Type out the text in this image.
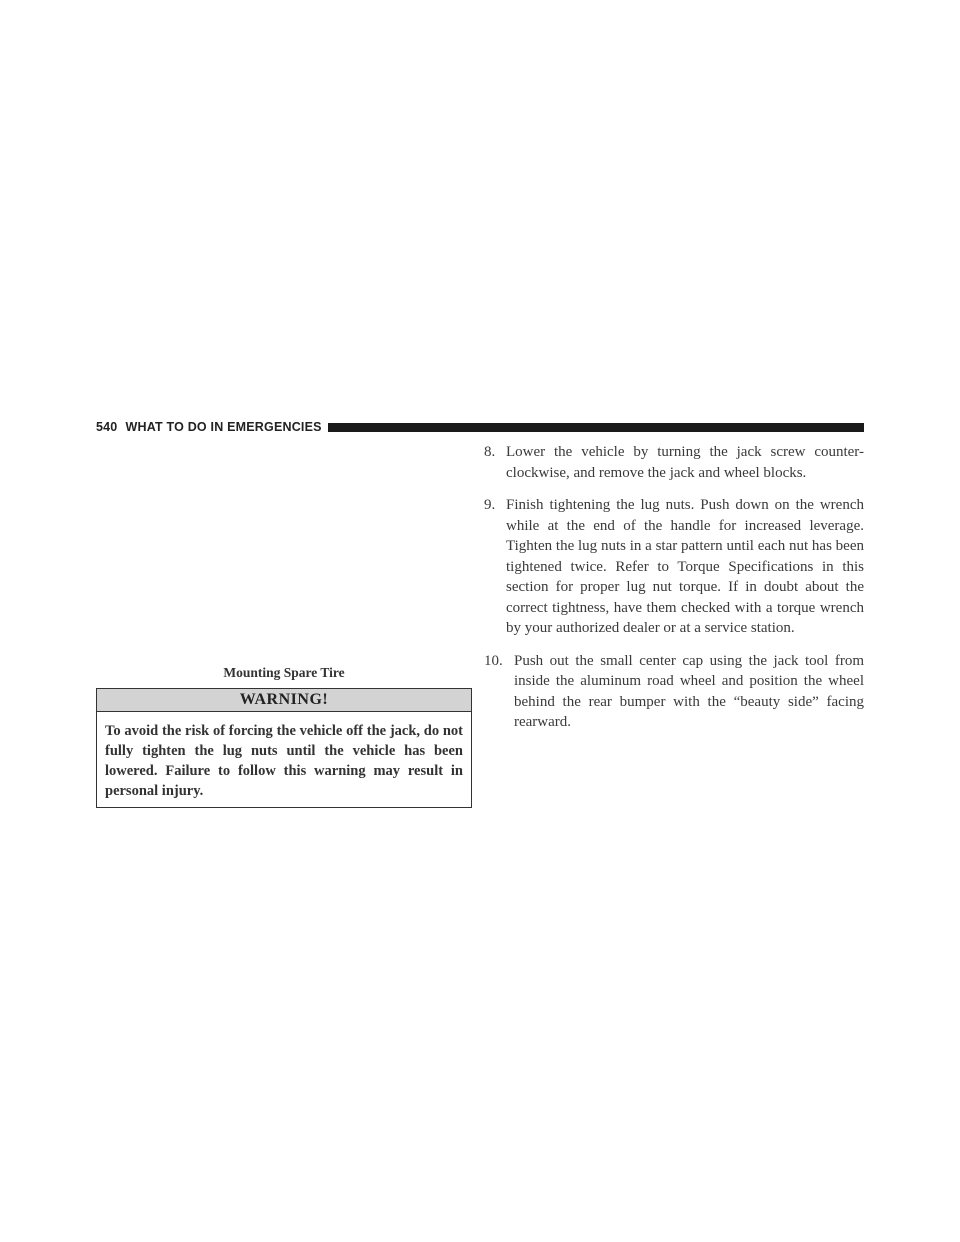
540 WHAT TO DO IN EMERGENCIES
Mounting Spare Tire
WARNING!
To avoid the risk of forcing the vehicle off the jack, do not fully tighten the lug nuts until the vehicle has been lowered. Failure to follow this warning may result in personal injury.
8. Lower the vehicle by turning the jack screw counter-clockwise, and remove the jack and wheel blocks.
9. Finish tightening the lug nuts. Push down on the wrench while at the end of the handle for increased leverage. Tighten the lug nuts in a star pattern until each nut has been tightened twice. Refer to Torque Specifications in this section for proper lug nut torque. If in doubt about the correct tightness, have them checked with a torque wrench by your authorized dealer or at a service station.
10. Push out the small center cap using the jack tool from inside the aluminum road wheel and position the wheel behind the rear bumper with the “beauty side” facing rearward.
